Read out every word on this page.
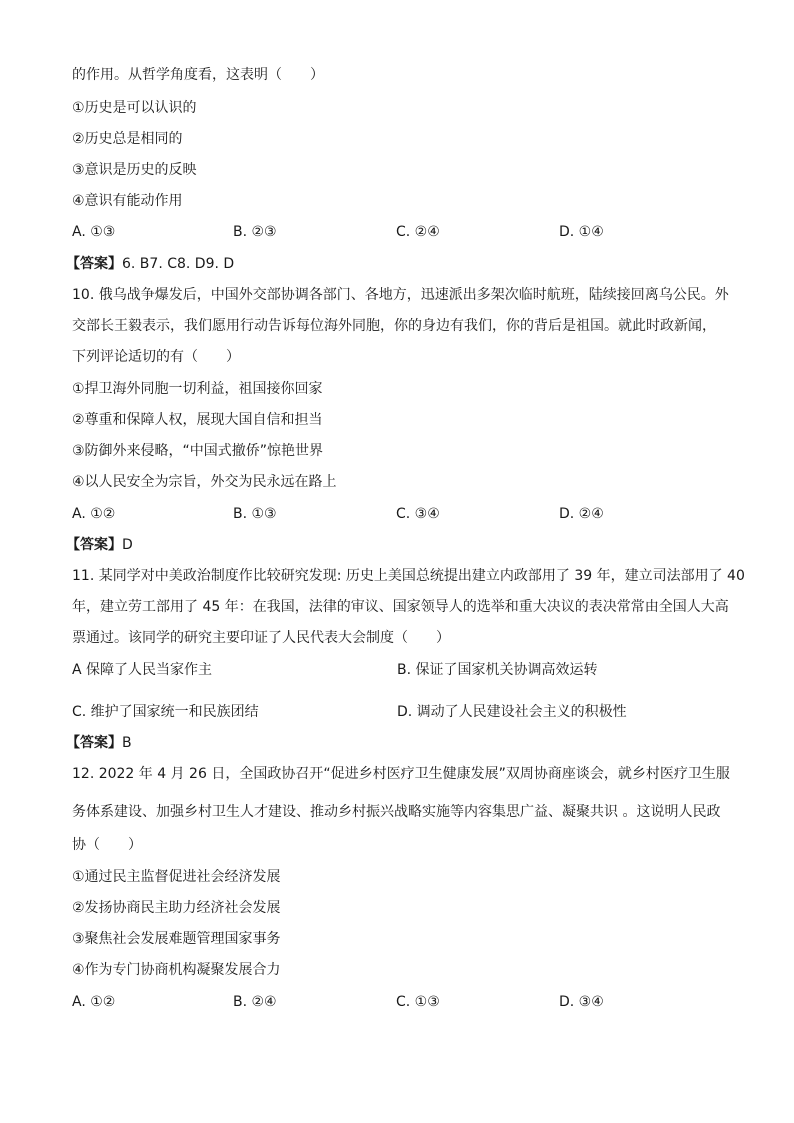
的作用。从哲学角度看，这表明（　　）
①历史是可以认识的
②历史总是相同的
③意识是历史的反映
④意识有能动作用
A. ①③	B. ②③	C. ②④	D. ①④
【答案】6. B7. C8. D9. D
10. 俄乌战争爆发后，中国外交部协调各部门、各地方，迅速派出多架次临时航班，陆续接回离乌公民。外
交部长王毅表示，我们愿用行动告诉每位海外同胞，你的身边有我们，你的背后是祖国。就此时政新闻，
下列评论适切的有（　　）
①捍卫海外同胞一切利益，祖国接你回家
②尊重和保障人权，展现大国自信和担当
③防御外来侵略，“中国式撤侨”惊艳世界
④以人民安全为宗旨，外交为民永远在路上
A. ①②	B. ①③	C. ③④	D. ②④
【答案】D
11. 某同学对中美政治制度作比较研究发现: 历史上美国总统提出建立内政部用了 39 年，建立司法部用了 40
年，建立劳工部用了 45 年：在我国，法律的审议、国家领导人的选举和重大决议的表决常常由全国人大高
票通过。该同学的研究主要印证了人民代表大会制度（　　）
A 保障了人民当家作主	B. 保证了国家机关协调高效运转
C. 维护了国家统一和民族团结	D. 调动了人民建设社会主义的积极性
【答案】B
12. 2022 年 4 月 26 日，全国政协召开“促进乡村医疗卫生健康发展”双周协商座谈会，就乡村医疗卫生服
务体系建设、加强乡村卫生人才建设、推动乡村振兴战略实施等内容集思广益、凝聚共识 。这说明人民政
协（　　）
①通过民主监督促进社会经济发展
②发扬协商民主助力经济社会发展
③聚焦社会发展难题管理国家事务
④作为专门协商机构凝聚发展合力
A. ①②	B. ②④	C. ①③	D. ③④
